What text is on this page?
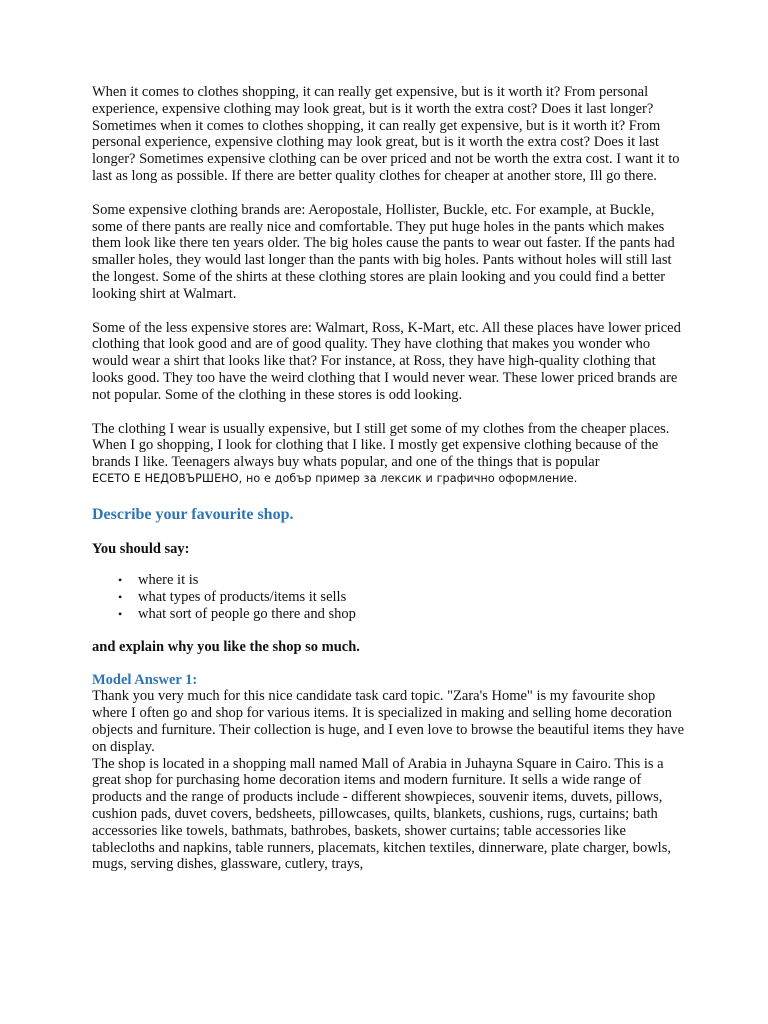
When it comes to clothes shopping, it can really get expensive, but is it worth it? From personal experience, expensive clothing may look great, but is it worth the extra cost? Does it last longer? Sometimes when it comes to clothes shopping, it can really get expensive, but is it worth it? From personal experience, expensive clothing may look great, but is it worth the extra cost? Does it last longer? Sometimes expensive clothing can be over priced and not be worth the extra cost. I want it to last as long as possible. If there are better quality clothes for cheaper at another store, Ill go there.

Some expensive clothing brands are: Aeropostale, Hollister, Buckle, etc. For example, at Buckle, some of there pants are really nice and comfortable. They put huge holes in the pants which makes them look like there ten years older. The big holes cause the pants to wear out faster. If the pants had smaller holes, they would last longer than the pants with big holes. Pants without holes will still last the longest. Some of the shirts at these clothing stores are plain looking and you could find a better looking shirt at Walmart.

Some of the less expensive stores are: Walmart, Ross, K-Mart, etc. All these places have lower priced clothing that look good and are of good quality. They have clothing that makes you wonder who would wear a shirt that looks like that? For instance, at Ross, they have high-quality clothing that looks good. They too have the weird clothing that I would never wear. These lower priced brands are not popular. Some of the clothing in these stores is odd looking.

The clothing I wear is usually expensive, but I still get some of my clothes from the cheaper places. When I go shopping, I look for clothing that I like. I mostly get expensive clothing because of the brands I like. Teenagers always buy whats popular, and one of the things that is popular

ЕСЕТО Е НЕДОВЪРШЕНО, но е добър пример за лексик и графично оформление.

Describe your favourite shop.

You should say:

• where it is
• what types of products/items it sells
• what sort of people go there and shop

and explain why you like the shop so much.

Model Answer 1:

Thank you very much for this nice candidate task card topic. "Zara's Home" is my favourite shop where I often go and shop for various items. It is specialized in making and selling home decoration objects and furniture. Their collection is huge, and I even love to browse the beautiful items they have on display.

The shop is located in a shopping mall named Mall of Arabia in Juhayna Square in Cairo. This is a great shop for purchasing home decoration items and modern furniture. It sells a wide range of products and the range of products include - different showpieces, souvenir items, duvets, pillows, cushion pads, duvet covers, bedsheets, pillowcases, quilts, blankets, cushions, rugs, curtains; bath accessories like towels, bathmats, bathrobes, baskets, shower curtains; table accessories like tablecloths and napkins, table runners, placemats, kitchen textiles, dinnerware, plate charger, bowls, mugs, serving dishes, glassware, cutlery, trays,
